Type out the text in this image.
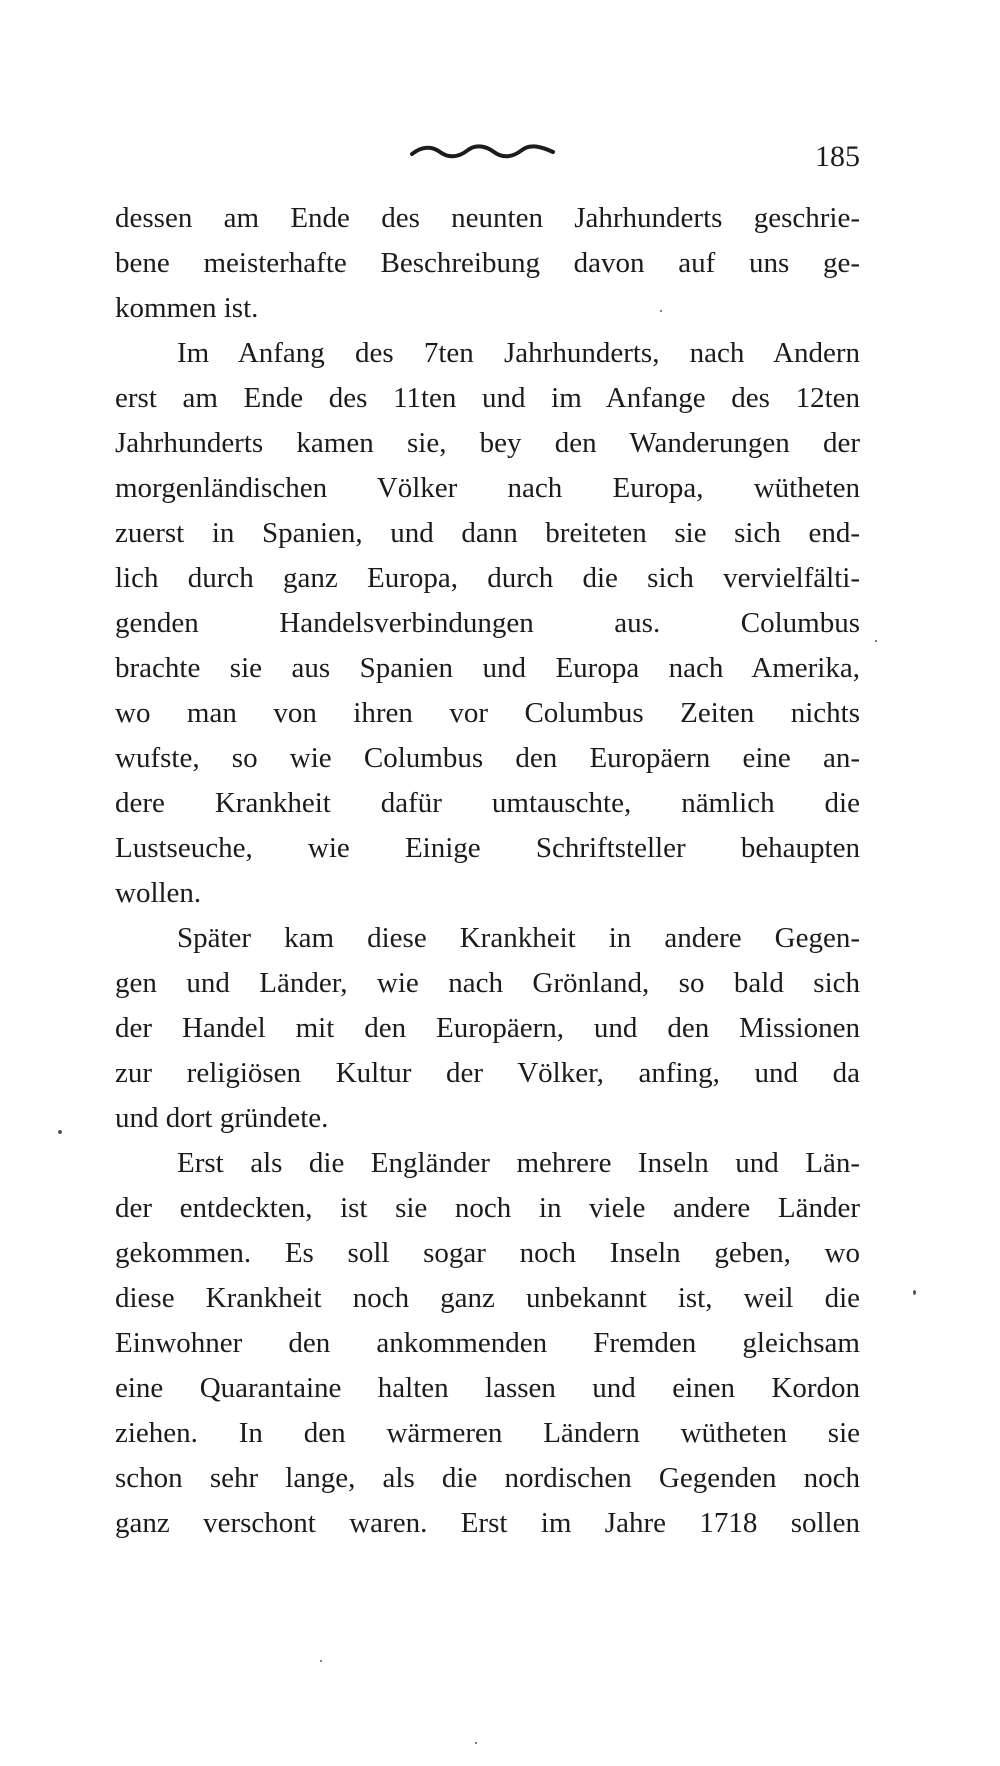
185
dessen am Ende des neunten Jahrhunderts geschrie-
bene meisterhafte Beschreibung davon auf uns ge-
kommen ist.
Im Anfang des 7ten Jahrhunderts, nach Andern
erst am Ende des 11ten und im Anfange des 12ten
Jahrhunderts kamen sie, bey den Wanderungen der
morgenländischen Völker nach Europa, wütheten
zuerst in Spanien, und dann breiteten sie sich end-
lich durch ganz Europa, durch die sich vervielfälti-
genden Handelsverbindungen aus. Columbus
brachte sie aus Spanien und Europa nach Amerika,
wo man von ihren vor Columbus Zeiten nichts
wufste, so wie Columbus den Europäern eine an-
dere Krankheit dafür umtauschte, nämlich die
Lustseuche, wie Einige Schriftsteller behaupten
wollen.
Später kam diese Krankheit in andere Gegen-
gen und Länder, wie nach Grönland, so bald sich
der Handel mit den Europäern, und den Missionen
zur religiösen Kultur der Völker, anfing, und da
und dort gründete.
Erst als die Engländer mehrere Inseln und Län-
der entdeckten, ist sie noch in viele andere Länder
gekommen. Es soll sogar noch Inseln geben, wo
diese Krankheit noch ganz unbekannt ist, weil die
Einwohner den ankommenden Fremden gleichsam
eine Quarantaine halten lassen und einen Kordon
ziehen. In den wärmeren Ländern wütheten sie
schon sehr lange, als die nordischen Gegenden noch
ganz verschont waren. Erst im Jahre 1718 sollen
